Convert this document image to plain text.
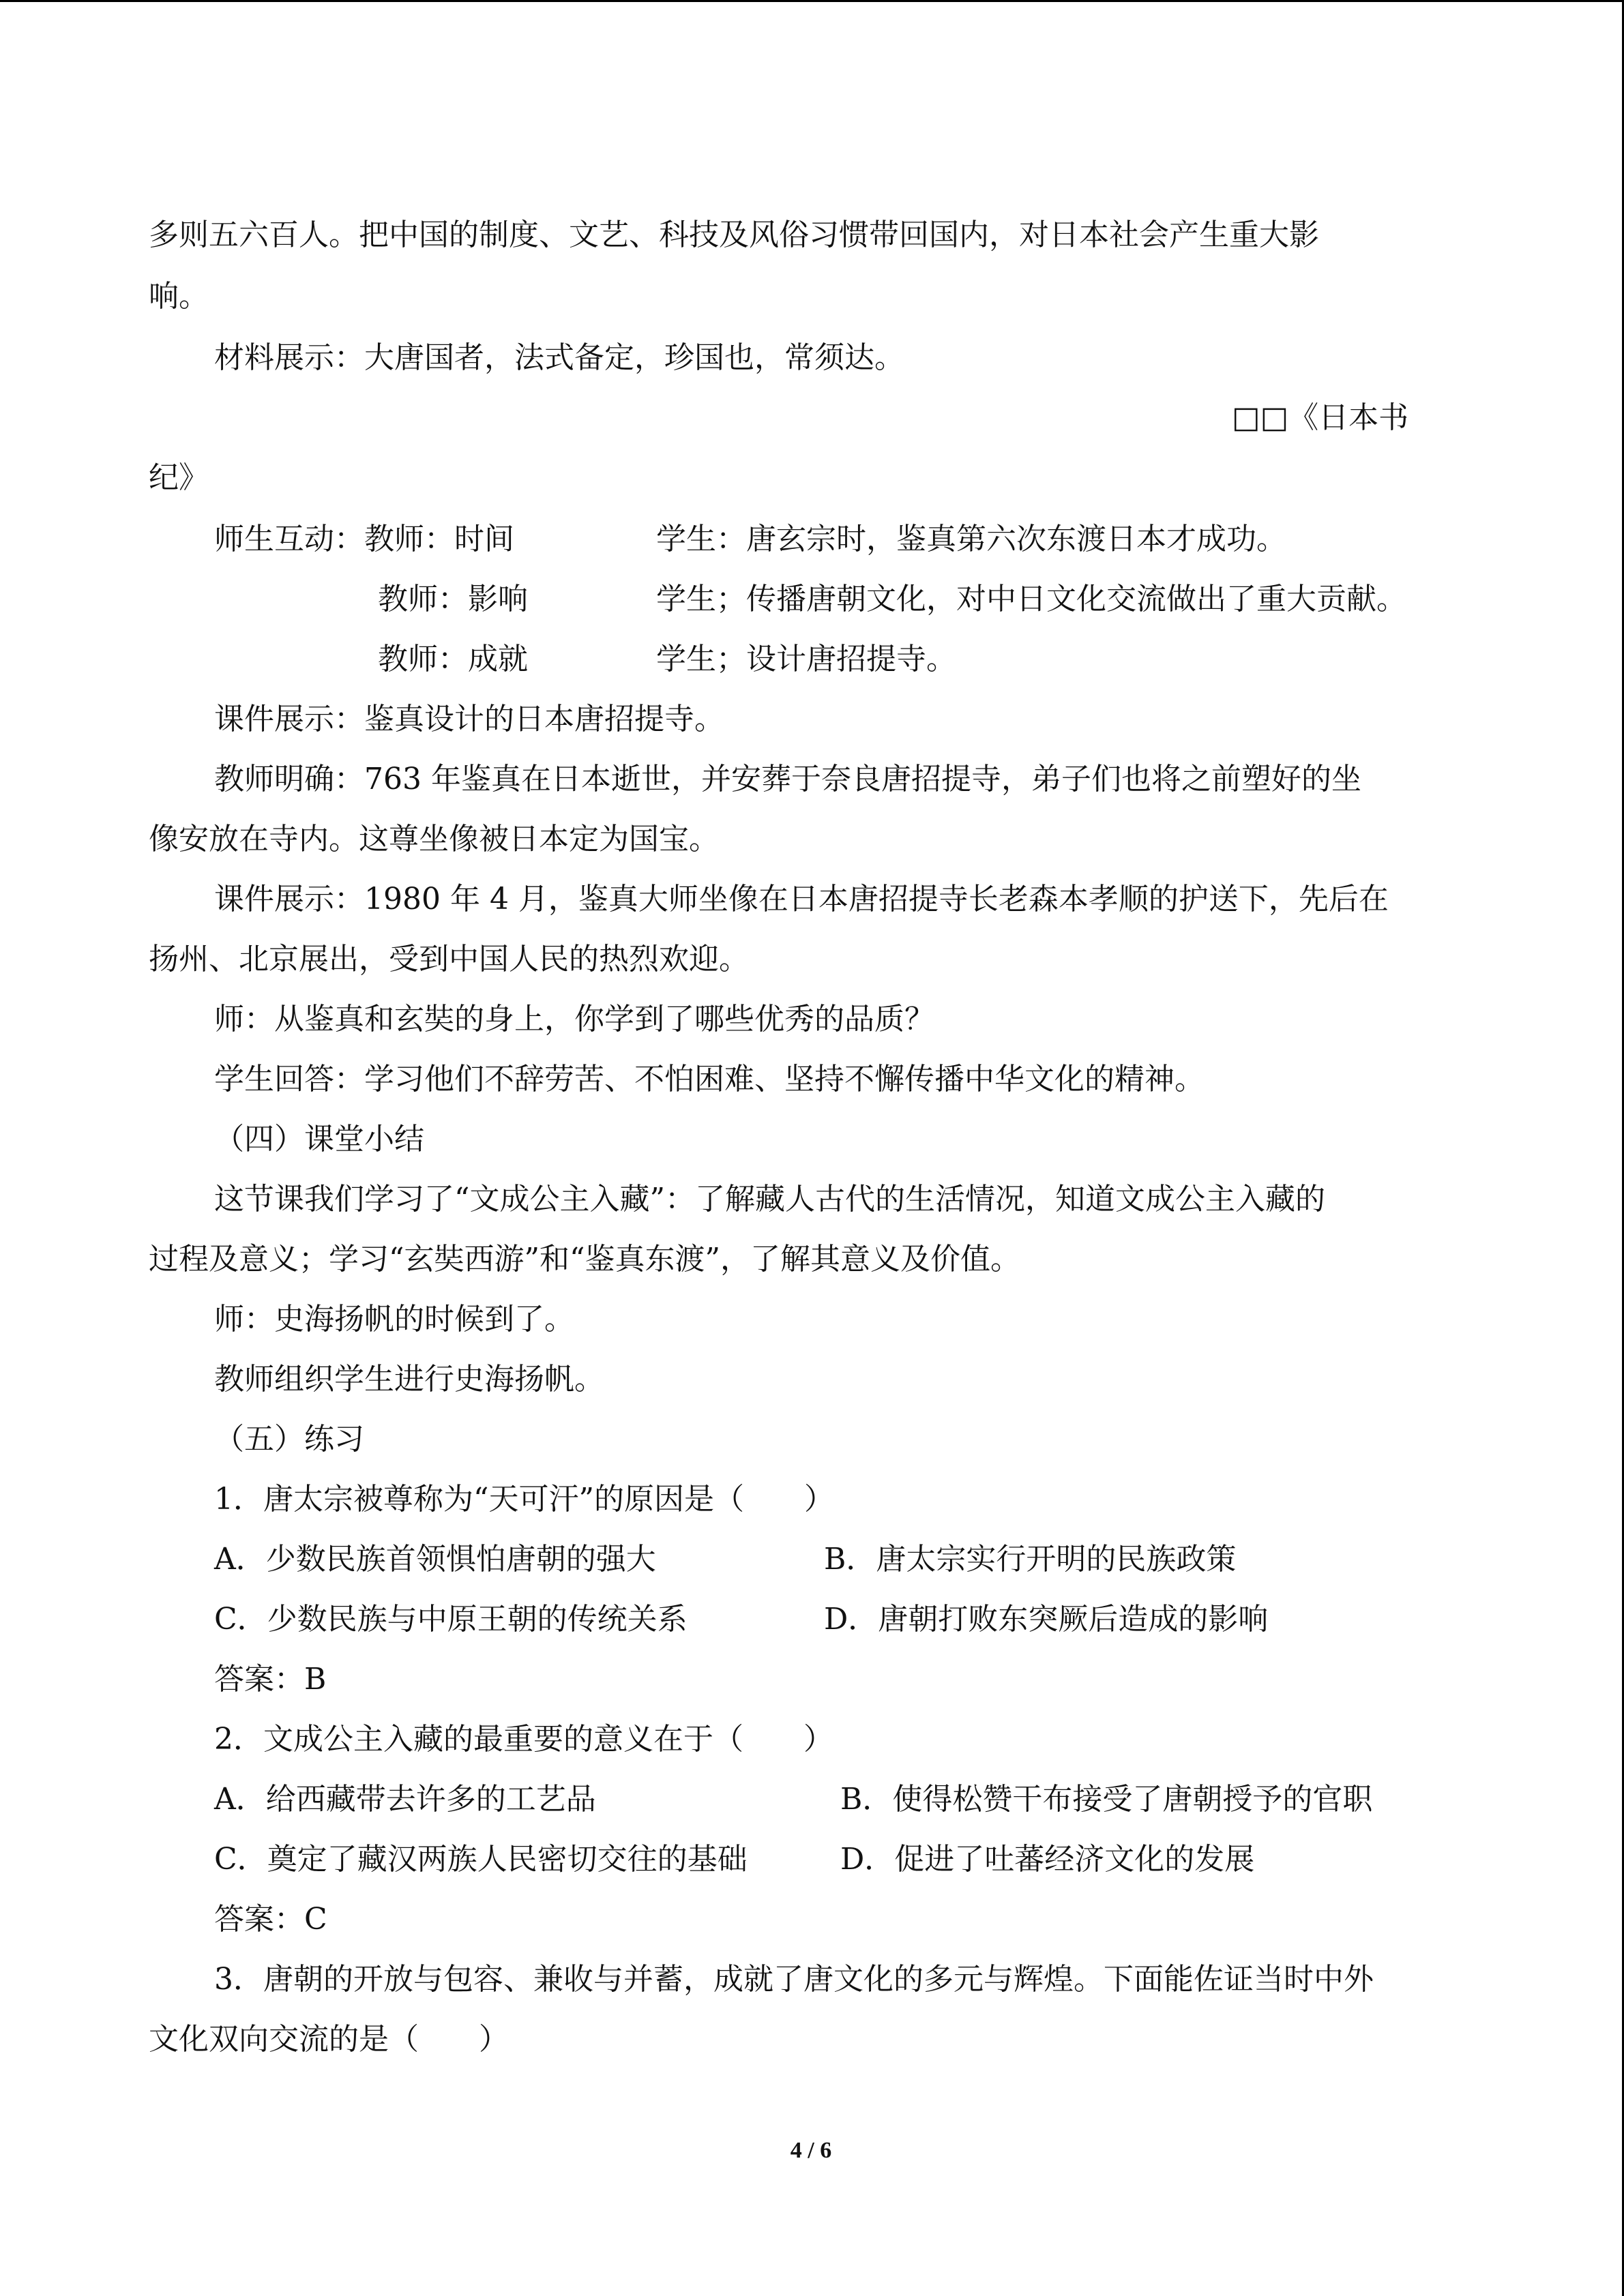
多则五六百人。把中国的制度、文艺、科技及风俗习惯带回国内，对日本社会产生重大影

响。

材料展示：大唐国者，法式备定，珍国也，常须达。

□□《日本书

纪》

师生互动：教师：时间	学生：唐玄宗时，鉴真第六次东渡日本才成功。

教师：影响	学生；传播唐朝文化，对中日文化交流做出了重大贡献。

教师：成就	学生；设计唐招提寺。

课件展示：鉴真设计的日本唐招提寺。

教师明确：763 年鉴真在日本逝世，并安葬于奈良唐招提寺，弟子们也将之前塑好的坐

像安放在寺内。这尊坐像被日本定为国宝。

课件展示：1980 年 4 月，鉴真大师坐像在日本唐招提寺长老森本孝顺的护送下，先后在

扬州、北京展出，受到中国人民的热烈欢迎。

师：从鉴真和玄奘的身上，你学到了哪些优秀的品质？

学生回答：学习他们不辞劳苦、不怕困难、坚持不懈传播中华文化的精神。

（四）课堂小结

这节课我们学习了“文成公主入藏”：了解藏人古代的生活情况，知道文成公主入藏的

过程及意义；学习“玄奘西游”和“鉴真东渡”，了解其意义及价值。

师：史海扬帆的时候到了。

教师组织学生进行史海扬帆。

（五）练习

1．唐太宗被尊称为“天可汗”的原因是（　　）

A．少数民族首领惧怕唐朝的强大	B．唐太宗实行开明的民族政策

C．少数民族与中原王朝的传统关系	D．唐朝打败东突厥后造成的影响

答案：B

2．文成公主入藏的最重要的意义在于（　　）

A．给西藏带去许多的工艺品	B．使得松赞干布接受了唐朝授予的官职

C．奠定了藏汉两族人民密切交往的基础	D．促进了吐蕃经济文化的发展

答案：C

3．唐朝的开放与包容、兼收与并蓄，成就了唐文化的多元与辉煌。下面能佐证当时中外

文化双向交流的是（　　）

4 / 6
